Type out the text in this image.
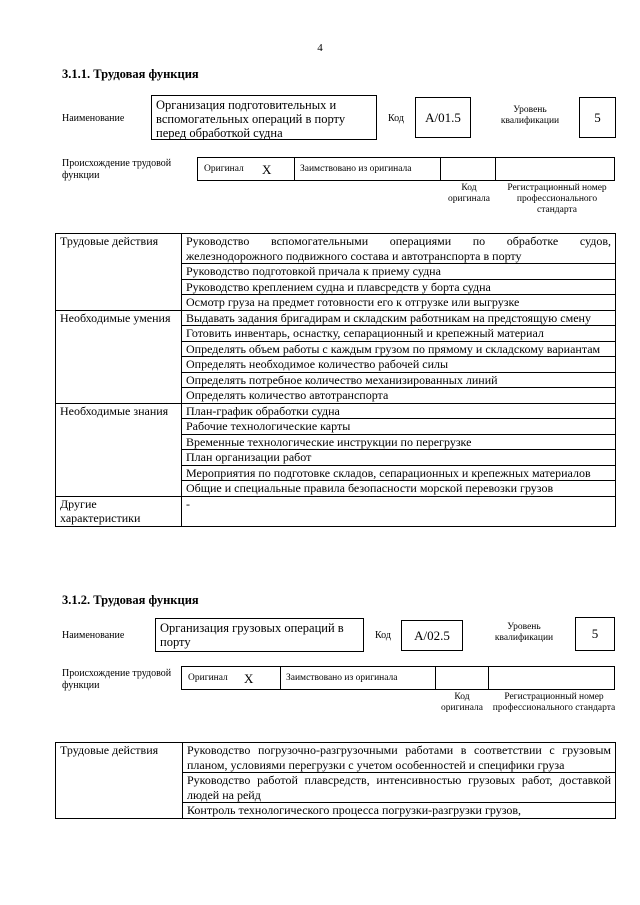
4
3.1.1. Трудовая функция
Наименование
Организация подготовительных и вспомогательных операций в порту перед обработкой судна
Код	А/01.5	Уровень квалификации	5
Происхождение трудовой функции
Оригинал X	Заимствовано из оригинала
Код оригинала
Регистрационный номер профессионального стандарта
Трудовые действия	Руководство вспомогательными операциями по обработке судов, железнодорожного подвижного состава и автотранспорта в порту
	Руководство подготовкой причала к приему судна
	Руководство креплением судна и плавсредств у борта судна
	Осмотр груза на предмет готовности его к отгрузке или выгрузке
Необходимые умения	Выдавать задания бригадирам и складским работникам на предстоящую смену
	Готовить инвентарь, оснастку, сепарационный и крепежный материал
	Определять объем работы с каждым грузом по прямому и складскому вариантам
	Определять необходимое количество рабочей силы
	Определять потребное количество механизированных линий
	Определять количество автотранспорта
Необходимые знания	План-график обработки судна
	Рабочие технологические карты
	Временные технологические инструкции по перегрузке
	План организации работ
	Мероприятия по подготовке складов, сепарационных и крепежных материалов
	Общие и специальные правила безопасности морской перевозки грузов
Другие характеристики	-
3.1.2. Трудовая функция
Наименование
Организация грузовых операций в порту	Код	А/02.5
Уровень квалификации	5
Происхождение трудовой функции
Оригинал X	Заимствовано из оригинала
Код оригинала
Регистрационный номер профессионального стандарта
Трудовые действия	Руководство погрузочно-разгрузочными работами в соответствии с грузовым планом, условиями перегрузки с учетом особенностей и специфики груза
Руководство работой плавсредств, интенсивностью грузовых работ, доставкой людей на рейд
Контроль технологического процесса погрузки-разгрузки грузов,
